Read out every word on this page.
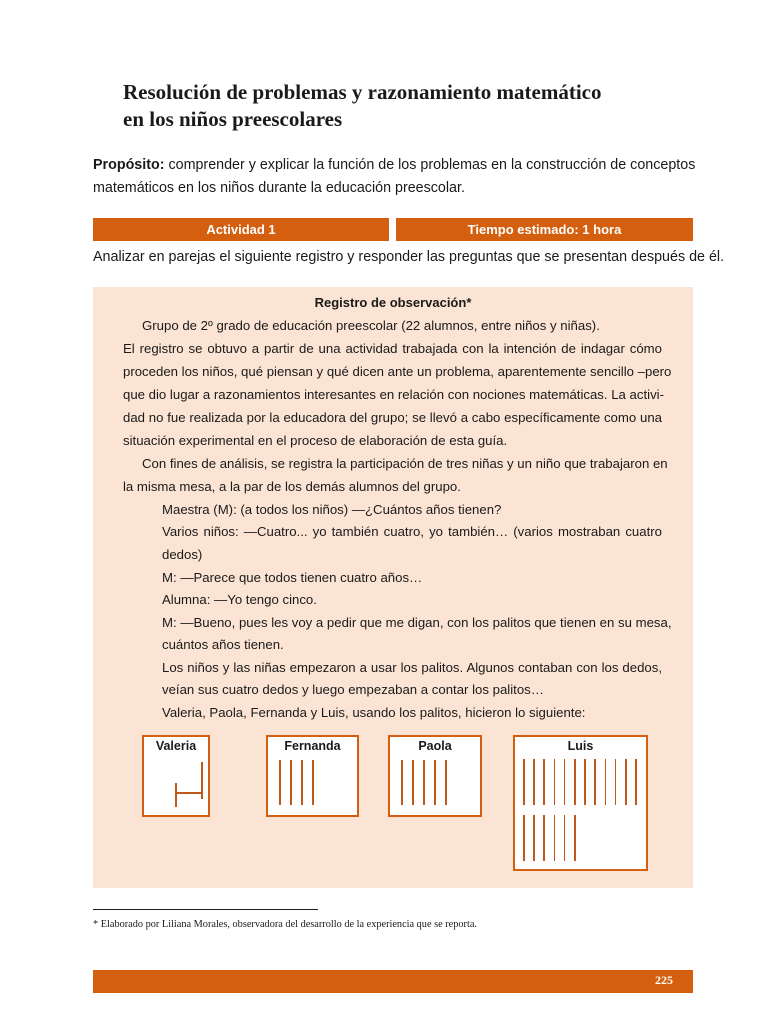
Resolución de problemas y razonamiento matemático
en los niños preescolares
Propósito: comprender y explicar la función de los problemas en la construcción de conceptos matemáticos en los niños durante la educación preescolar.
Actividad 1	Tiempo estimado: 1 hora
Analizar en parejas el siguiente registro y responder las preguntas que se presentan después de él.
Registro de observación*
Grupo de 2º grado de educación preescolar (22 alumnos, entre niños y niñas).
El registro se obtuvo a partir de una actividad trabajada con la intención de indagar cómo
proceden los niños, qué piensan y qué dicen ante un problema, aparentemente sencillo –pero
que dio lugar a razonamientos interesantes en relación con nociones matemáticas. La activi-
dad no fue realizada por la educadora del grupo; se llevó a cabo específicamente como una
situación experimental en el proceso de elaboración de esta guía.
Con fines de análisis, se registra la participación de tres niñas y un niño que trabajaron en
la misma mesa, a la par de los demás alumnos del grupo.
Maestra (M): (a todos los niños) —¿Cuántos años tienen?
Varios niños: —Cuatro... yo también cuatro, yo también… (varios mostraban cuatro
dedos)
M: —Parece que todos tienen cuatro años…
Alumna: —Yo tengo cinco.
M: —Bueno, pues les voy a pedir que me digan, con los palitos que tienen en su mesa,
cuántos años tienen.
Los niños y las niñas empezaron a usar los palitos. Algunos contaban con los dedos,
veían sus cuatro dedos y luego empezaban a contar los palitos…
Valeria, Paola, Fernanda y Luis, usando los palitos, hicieron lo siguiente:
Valeria	Fernanda	Paola	Luis
* Elaborado por Liliana Morales, observadora del desarrollo de la experiencia que se reporta.
225
